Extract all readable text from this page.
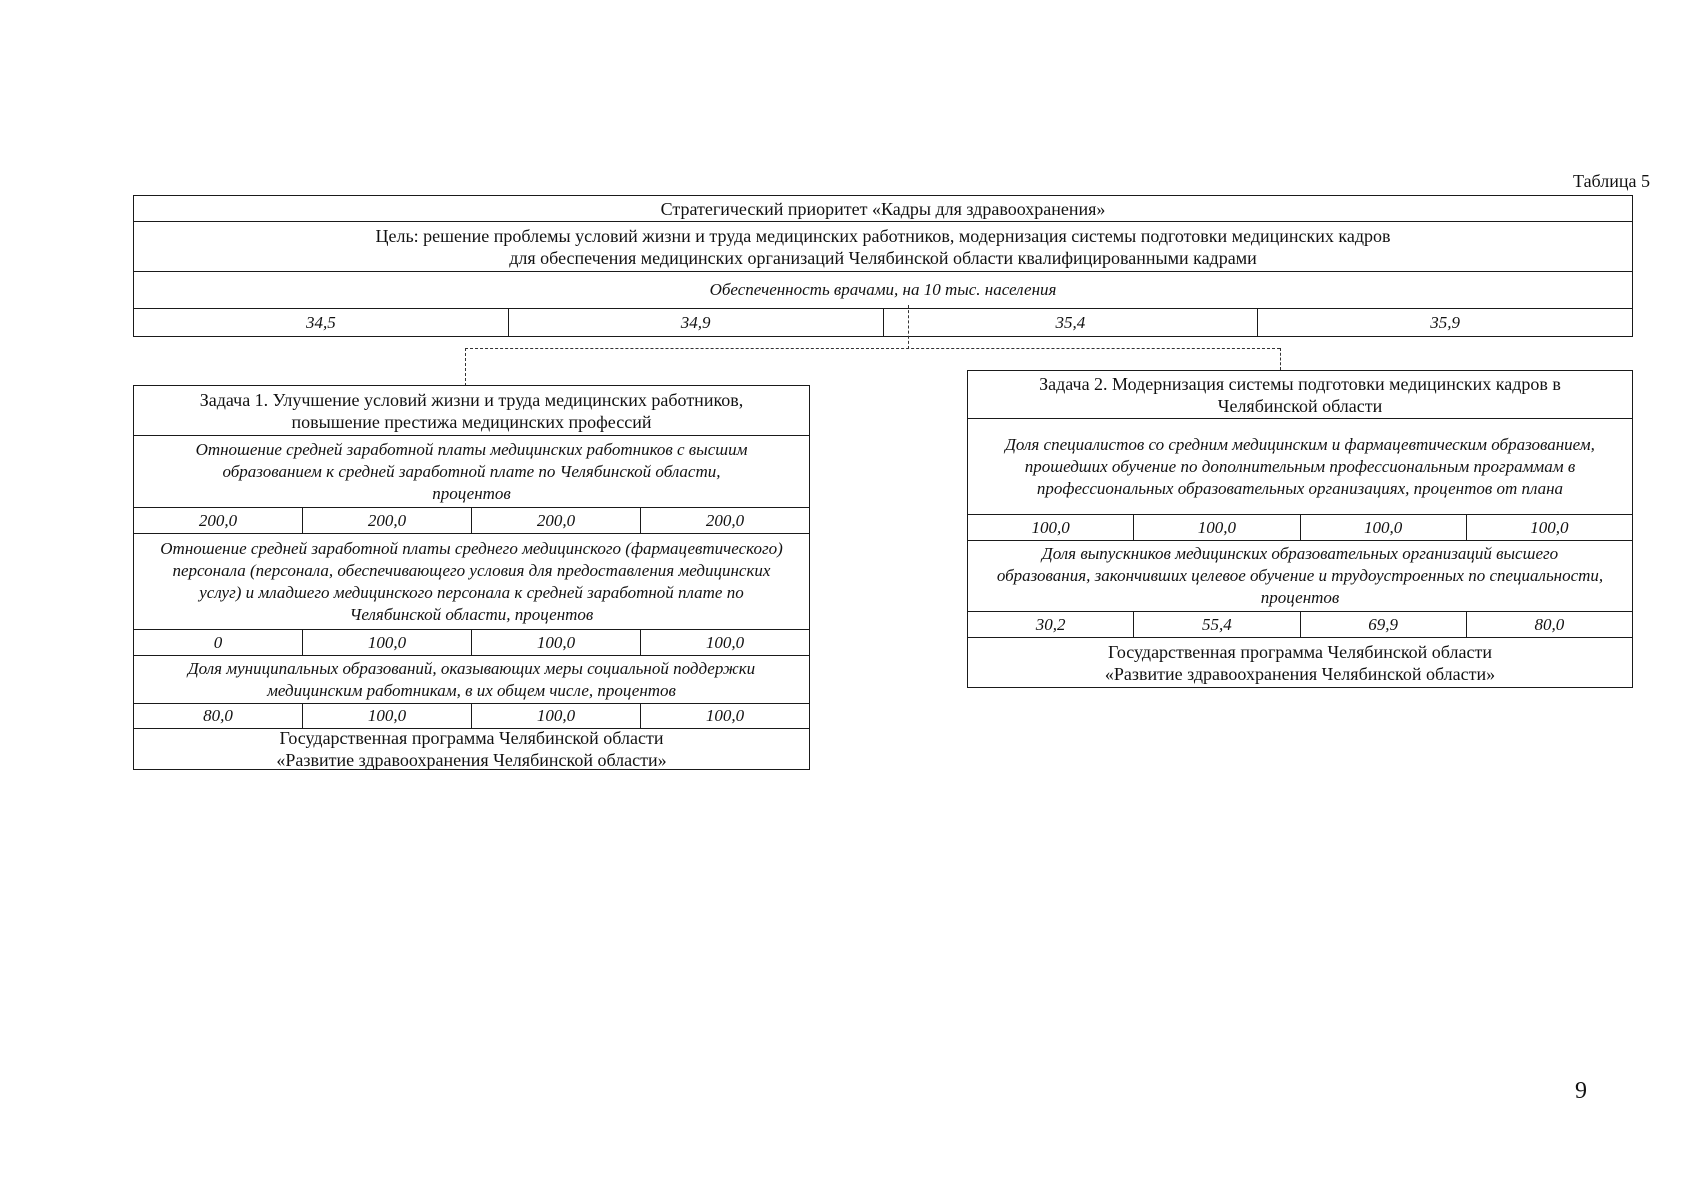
Таблица 5
Стратегический приоритет «Кадры для здравоохранения»
Цель: решение проблемы условий жизни и труда медицинских работников, модернизация системы подготовки медицинских кадров
для обеспечения медицинских организаций Челябинской области квалифицированными кадрами
Обеспеченность врачами, на 10 тыс. населения
34,5	34,9	35,4	35,9
Задача 1. Улучшение условий жизни и труда медицинских работников, повышение престижа медицинских профессий
Отношение средней заработной платы медицинских работников с высшим образованием к средней заработной плате по Челябинской области, процентов
200,0	200,0	200,0	200,0
Отношение средней заработной платы среднего медицинского (фармацевтического) персонала (персонала, обеспечивающего условия для предоставления медицинских услуг) и младшего медицинского персонала к средней заработной плате по Челябинской области, процентов
0	100,0	100,0	100,0
Доля муниципальных образований, оказывающих меры социальной поддержки медицинским работникам, в их общем числе, процентов
80,0	100,0	100,0	100,0
Государственная программа Челябинской области
«Развитие здравоохранения Челябинской области»
Задача 2. Модернизация системы подготовки медицинских кадров в Челябинской области
Доля специалистов со средним медицинским и фармацевтическим образованием, прошедших обучение по дополнительным профессиональным программам в профессиональных образовательных организациях, процентов от плана
100,0	100,0	100,0	100,0
Доля выпускников медицинских образовательных организаций высшего образования, закончивших целевое обучение и трудоустроенных по специальности, процентов
30,2	55,4	69,9	80,0
Государственная программа Челябинской области
«Развитие здравоохранения Челябинской области»
9
